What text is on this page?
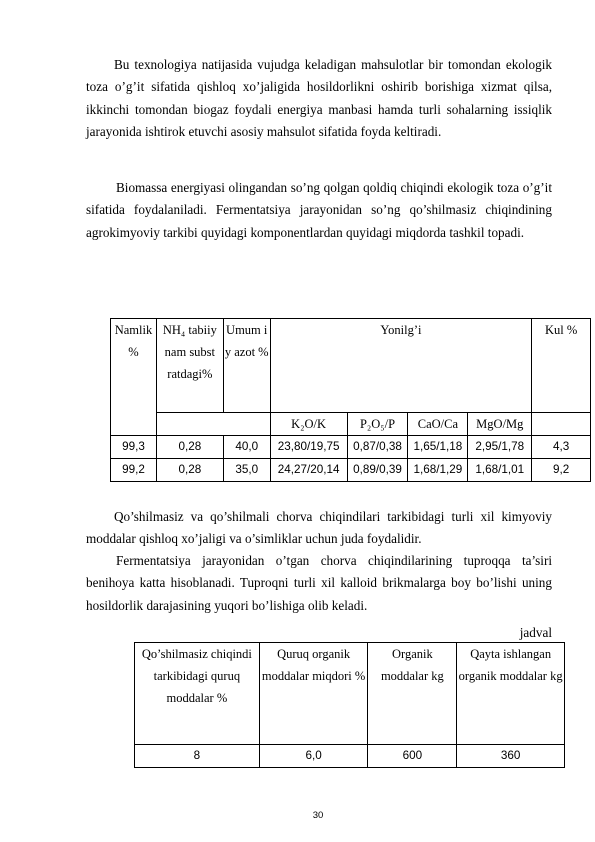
Bu texnologiya natijasida vujudga keladigan mahsulotlar bir tomondan ekologik toza o’g’it sifatida qishloq xo’jaligida hosildorlikni oshirib borishiga xizmat qilsa, ikkinchi tomondan biogaz foydali energiya manbasi hamda turli sohalarning issiqlik jarayonida ishtirok etuvchi asosiy mahsulot sifatida foyda keltiradi.

Biomassa energiyasi olingandan so’ng qolgan qoldiq chiqindi ekologik toza o’g’it sifatida foydalaniladi. Fermentatsiya jarayonidan so’ng qo’shilmasiz chiqindining agrokimyoviy tarkibi quyidagi komponentlardan quyidagi miqdorda tashkil topadi.

Namlik %	NH₄ tabiiy nam subst ratdagi%	Umum i y azot %	Yonilg’i				Kul %
			K₂O/K	P₂O₅/P	CaO/Ca	MgO/Mg	
99,3	0,28	40,0	23,80/19,75	0,87/0,38	1,65/1,18	2,95/1,78	4,3
99,2	0,28	35,0	24,27/20,14	0,89/0,39	1,68/1,29	1,68/1,01	9,2

Qo’shilmasiz va qo’shilmali chorva chiqindilari tarkibidagi turli xil kimyoviy moddalar qishloq xo’jaligi va o’simliklar uchun juda foydalidir.

Fermentatsiya jarayonidan o’tgan chorva chiqindilarining tuproqqa ta’siri benihoya katta hisoblanadi. Tuproqni turli xil kalloid brikmalarga boy bo’lishi uning hosildorlik darajasining yuqori bo’lishiga olib keladi.

jadval

Qo’shilmasiz chiqindi tarkibidagi quruq moddalar %	Quruq organik moddalar miqdori %	Organik moddalar kg	Qayta ishlangan organik moddalar kg
8	6,0	600	360
30
